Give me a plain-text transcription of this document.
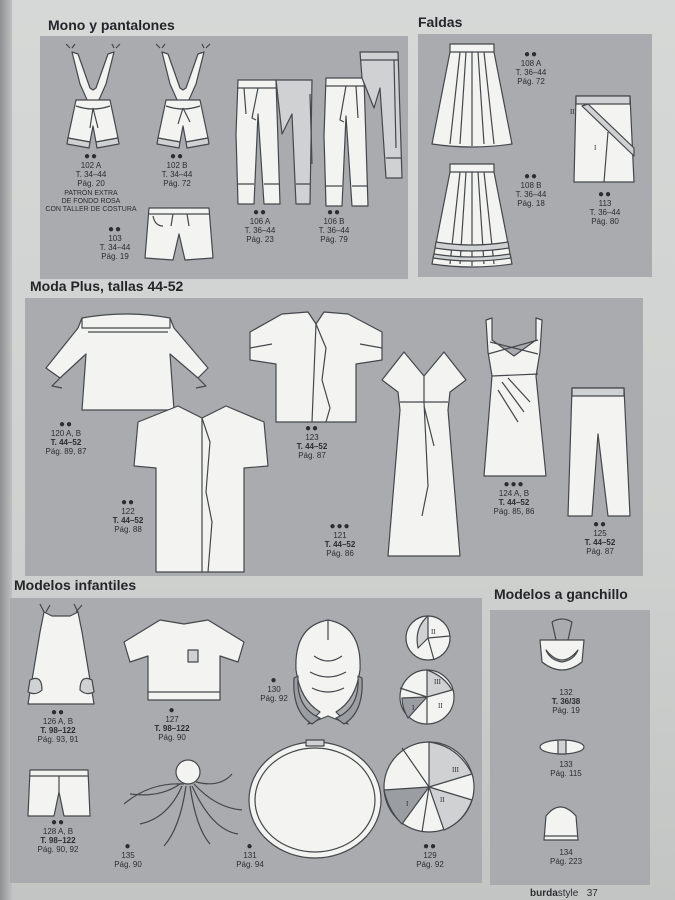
Mono y pantalones	Faldas
Moda Plus, tallas 44-52
Modelos infantiles
Modelos a ganchillo
●●
102 A
T. 34–44
Pág. 20
PATRÓN EXTRA
DE FONDO ROSA
CON TALLER DE COSTURA
●●
103
T. 34–44
Pág. 19
●●
102 B
T. 34–44
Pág. 72
●●
106 A
T. 36–44
Pág. 23
●●
106 B
T. 36–44
Pág. 79
II
I
●●
108 A
T. 36–44
Pág. 72
●●
108 B
T. 36–44
Pág. 18
●●
113
T. 36–44
Pág. 80
●●
120 A, B
T. 44–52
Pág. 89, 87
●●
122
T. 44–52
Pág. 88
●●
123
T. 44–52
Pág. 87
●●●
121
T. 44–52
Pág. 86
●●●
124 A, B
T. 44–52
Pág. 85, 86
●●
125
T. 44–52
Pág. 87
II
III
II
I
III
II
I
●●
126 A, B
T. 98–122
Pág. 93, 91
●
127
T. 98–122
Pág. 90
●●
128 A, B
T. 98–122
Pág. 90, 92
●
130
Pág. 92
●
135
Pág. 90
●
131
Pág. 94
●●
129
Pág. 92
132
T. 36/38
Pág. 19
133
Pág. 115
134
Pág. 223
burdastyle 37
